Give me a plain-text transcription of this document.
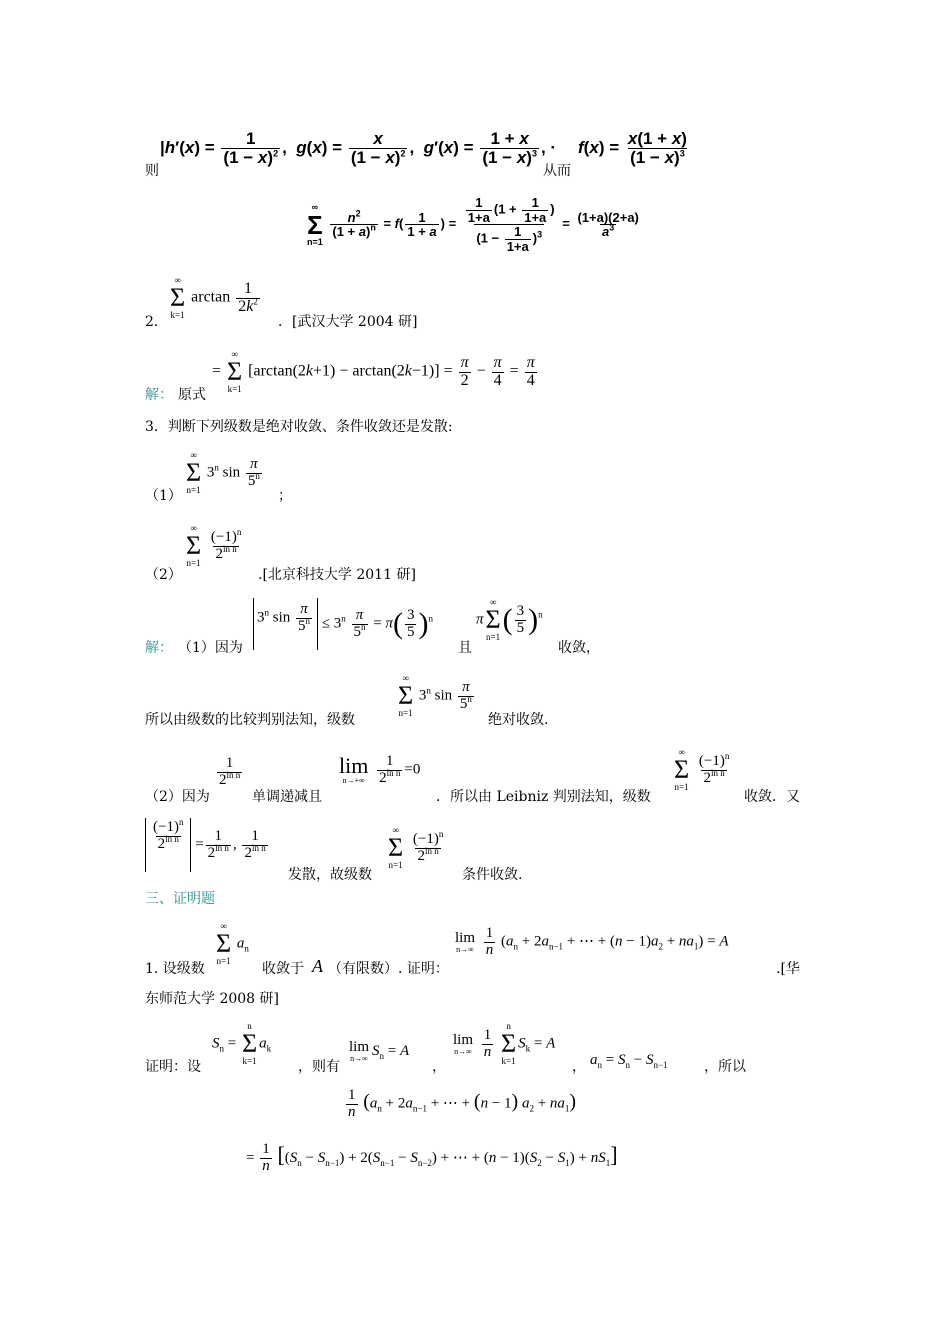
则
$|h'(x) = \frac{1}{(1 - x)^2}$ ,  $g(x) = \frac{x}{(1 - x)^2}$ ,  $g'(x) = \frac{1 + x}{(1 - x)^3}$ , ·
从而
$f(x) = \frac{x(1 + x)}{(1 - x)^3}$
∞
Σ
n=1

$\frac{n^2}{(1 + a)^n} = f( \frac{1}{1 + a}$ ) = $\frac{\frac{1}{1+a} (1 + \frac{1}{1+a} )}{(1 - \frac{1}{1+a} )^3} = \frac{(1+a)(2+a)}{a^3}$
2．
∞
Σ
k=1
$\arctan \frac{1}{2k^2}$
．[武汉大学 2004 研]
解： 原式
=
∞
Σ
k=1
$[\arctan(2k+1) - \arctan(2k-1)] = \frac{\pi}{2} - \frac{\pi}{4} = \frac{\pi}{4}$
3．判断下列级数是绝对收敛、条件收敛还是发散:
（1）
∞
Σ
n=1
3$^n$ $\sin \frac{\pi}{5^n}$
；
（2）
∞
Σ
n=1

$\frac{(-1)^n}{2^{ln n}}$
.[北京科技大学 2011 研]
解： （1）因为
3$^n$ $\sin \frac{\pi}{5^n} \le 3^n \frac{\pi}{5^n} = \pi( \frac{3}{5} )^n$
且
π
∞
Σ
n=1
( $\frac{3}{5} )^n$
收敛，
所以由级数的比较判别法知，级数
∞
Σ
n=1
3$^n$ $\sin \frac{\pi}{5^n}$
绝对收敛.
（2）因为
$\frac{1}{2^{ln n}}$
单调递减且
lim
n→+∞
$\frac{1}{2^{ln n}} =0$
．所以由 Leibniz 判别法知，级数
∞
Σ
n=1

$\frac{(-1)^n}{2^{ln n}}$
收敛．又
$\frac{(-1)^n}{2^{ln n}} = \frac{1}{2^{ln n}}$ , $\frac{1}{2^{ln n}}$
发散，故级数
∞
Σ
n=1

$\frac{(-1)^n}{2^{ln n}}$
条件收敛.
三、证明题
1. 设级数
∞
Σ
n=1
$a_n$
收敛于 A （有限数）. 证明：
lim
n→∞
$\frac{1}{n} (a_n + 2a_{n-1}$ + ⋯ + $(n - 1)a_2 + na_1) = A$
.[华
东师范大学 2008 研]
证明：设
$S_n$ =
n
Σ
k=1
$a_k$
，则有
lim
n→∞ $S_n = A$
，
lim
n→∞
$\frac{1}{n}$

n
Σ
k=1
$S_k = A$
， $a_n = S_n - S_{n-1}$	，所以
$\frac{1}{n} (a_n + 2a_{n-1}$ + ⋯ + (n − 1) $a_2 + na_1$)
= $\frac{1}{n} [(S_n - S_{n-1}) + 2(S_{n-1} - S_{n-2})$ + ⋯ + $(n - 1)(S_2 - S_1) + nS_1$]
